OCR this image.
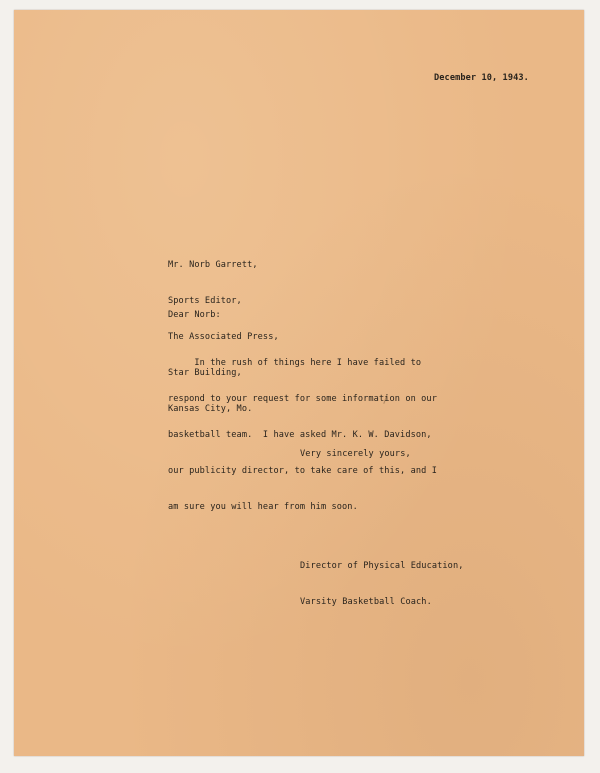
December 10, 1943.

Mr. Norb Garrett,

Sports Editor,

The Associated Press,

Star Building,

Kansas City, Mo.

Dear Norb:

In the rush of things here I have failed to

respond to your request for some information on our

basketball team.  I have asked Mr. K. W. Davidson,

our publicity director, to take care of this, and I

am sure you will hear from him soon.

Very sincerely yours,

Director of Physical Education,

Varsity Basketball Coach.
